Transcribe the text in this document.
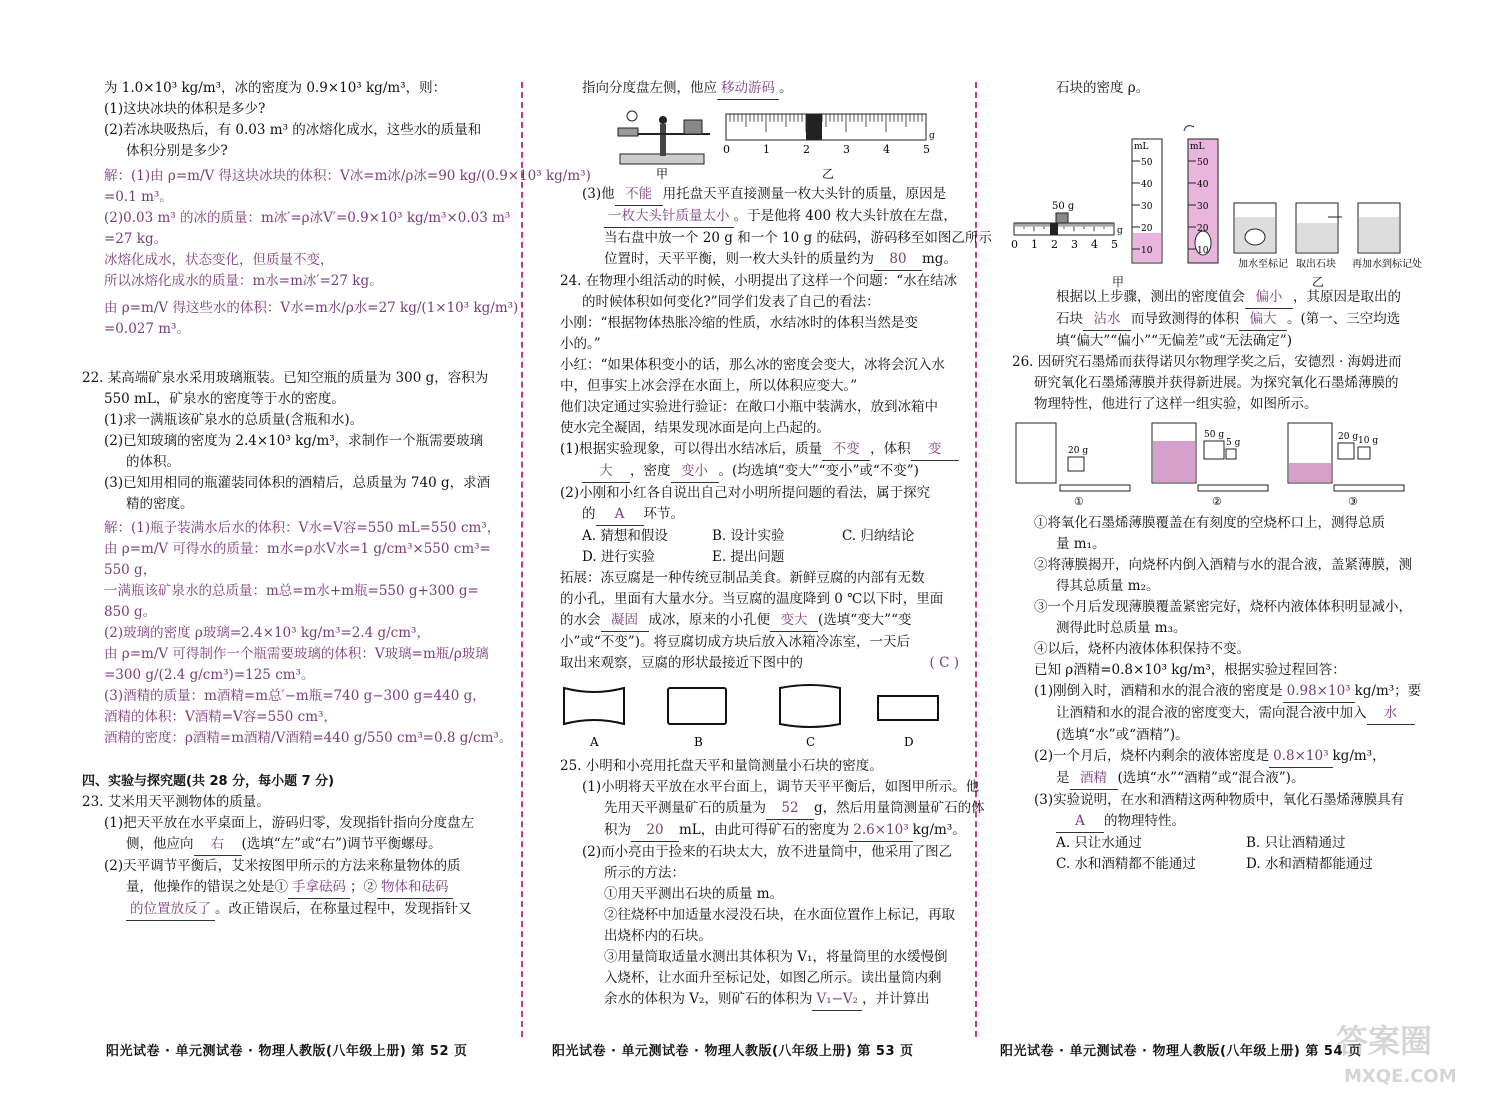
为 1.0×10³ kg/m³，冰的密度为 0.9×10³ kg/m³，则：

(1)这块冰块的体积是多少?

(2)若冰块吸热后，有 0.03 m³ 的冰熔化成水，这些水的质量和

体积分别是多少?

解：(1)由 ρ=m/V 得这块冰块的体积：V冰=m冰/ρ冰=90 kg/(0.9×10³ kg/m³)

=0.1 m³。

(2)0.03 m³ 的冰的质量：m冰′=ρ冰V′=0.9×10³ kg/m³×0.03 m³

=27 kg。

冰熔化成水，状态变化，但质量不变，

所以冰熔化成水的质量：m水=m冰′=27 kg。

由 ρ=m/V 得这些水的体积：V水=m水/ρ水=27 kg/(1×10³ kg/m³)

=0.027 m³。

22. 某高端矿泉水采用玻璃瓶装。已知空瓶的质量为 300 g，容积为

550 mL，矿泉水的密度等于水的密度。

(1)求一满瓶该矿泉水的总质量(含瓶和水)。

(2)已知玻璃的密度为 2.4×10³ kg/m³，求制作一个瓶需要玻璃

的体积。

(3)已知用相同的瓶灌装同体积的酒精后，总质量为 740 g，求酒

精的密度。

解：(1)瓶子装满水后水的体积：V水=V容=550 mL=550 cm³，

由 ρ=m/V 可得水的质量：m水=ρ水V水=1 g/cm³×550 cm³=

550 g，

一满瓶该矿泉水的总质量：m总=m水+m瓶=550 g+300 g=

850 g。

(2)玻璃的密度 ρ玻璃=2.4×10³ kg/m³=2.4 g/cm³，

由 ρ=m/V 可得制作一个瓶需要玻璃的体积：V玻璃=m瓶/ρ玻璃

=300 g/(2.4 g/cm³)=125 cm³。

(3)酒精的质量：m酒精=m总′−m瓶=740 g−300 g=440 g，

酒精的体积：V酒精=V容=550 cm³，

酒精的密度：ρ酒精=m酒精/V酒精=440 g/550 cm³=0.8 g/cm³。

四、实验与探究题(共 28 分，每小题 7 分)

23. 艾米用天平测物体的质量。

(1)把天平放在水平桌面上，游码归零，发现指针指向分度盘左

侧，他应向 右 (选填“左”或“右”)调节平衡螺母。

(2)天平调节平衡后，艾米按图甲所示的方法来称量物体的质

量，他操作的错误之处是① 手拿砝码 ；② 物体和砝码

的位置放反了 。改正错误后，在称量过程中，发现指针又

指向分度盘左侧，他应 移动游码 。

甲
0	1	2	3	4	5
g
乙

(3)他 不能 用托盘天平直接测量一枚大头针的质量，原因是

一枚大头针质量太小 。于是他将 400 枚大头针放在左盘，

当右盘中放一个 20 g 和一个 10 g 的砝码，游码移至如图乙所示

位置时，天平平衡，则一枚大头针的质量约为 80 mg。

24. 在物理小组活动的时候，小明提出了这样一个问题：“水在结冰

的时候体积如何变化?”同学们发表了自己的看法：

小刚：“根据物体热胀冷缩的性质，水结冰时的体积当然是变

小的。”

小红：“如果体积变小的话，那么冰的密度会变大，冰将会沉入水

中，但事实上冰会浮在水面上，所以体积应变大。”

他们决定通过实验进行验证：在敞口小瓶中装满水，放到冰箱中

使水完全凝固，结果发现冰面是向上凸起的。

(1)根据实验现象，可以得出水结冰后，质量 不变 ，体积 变

大 ，密度 变小 。(均选填“变大”“变小”或“不变”)

(2)小刚和小红各自说出自己对小明所提问题的看法，属于探究

的 A 环节。

A. 猜想和假设	B. 设计实验	C. 归纳结论

D. 进行实验	E. 提出问题

拓展：冻豆腐是一种传统豆制品美食。新鲜豆腐的内部有无数

的小孔，里面有大量水分。当豆腐的温度降到 0 ℃以下时，里面

的水会 凝固 成冰，原来的小孔便 变大 (选填“变大”“变

小”或“不变”)。将豆腐切成方块后放入冰箱冷冻室，一天后

取出来观察，豆腐的形状最接近下图中的	( C )

A	B	C	D

25. 小明和小亮用托盘天平和量筒测量小石块的密度。

(1)小明将天平放在水平台面上，调节天平平衡后，如图甲所示。他

先用天平测量矿石的质量为 52 g，然后用量筒测量矿石的体

积为 20 mL，由此可得矿石的密度为 2.6×10³ kg/m³。

(2)而小亮由于捡来的石块太大，放不进量筒中，他采用了图乙

所示的方法：

①用天平测出石块的质量 m。

②往烧杯中加适量水浸没石块，在水面位置作上标记，再取

出烧杯内的石块。

③用量筒取适量水测出其体积为 V₁，将量筒里的水缓慢倒

入烧杯，让水面升至标记处，如图乙所示。读出量筒内剩

余水的体积为 V₂，则矿石的体积为 V₁−V₂ ，并计算出

石块的密度 ρ。

0 1 2 3 4 5
g
50 g
mL	mL
50
40
30
20
10
50
40
30
20
10
加水至标记 取出石块 再加水到标记处
甲	乙

根据以上步骤，测出的密度值会 偏小 ，其原因是取出的

石块 沾水 而导致测得的体积 偏大 。(第一、三空均选

填“偏大”“偏小”“无偏差”或“无法确定”)

26. 因研究石墨烯而获得诺贝尔物理学奖之后，安德烈 · 海姆进而

研究氧化石墨烯薄膜并获得新进展。为探究氧化石墨烯薄膜的

物理特性，他进行了这样一组实验，如图所示。

20 g
50 g
5 g
20 g 10 g
①	②	③

①将氧化石墨烯薄膜覆盖在有刻度的空烧杯口上，测得总质

量 m₁。

②将薄膜揭开，向烧杯内倒入酒精与水的混合液，盖紧薄膜，测

得其总质量 m₂。

③一个月后发现薄膜覆盖紧密完好，烧杯内液体体积明显减小，

测得此时总质量 m₃。

④以后，烧杯内液体体积保持不变。

已知 ρ酒精=0.8×10³ kg/m³，根据实验过程回答：

(1)刚倒入时，酒精和水的混合液的密度是 0.98×10³ kg/m³；要

让酒精和水的混合液的密度变大，需向混合液中加入 水

(选填“水”或“酒精”)。

(2)一个月后，烧杯内剩余的液体密度是 0.8×10³ kg/m³，

是 酒精 (选填“水”“酒精”或“混合液”)。

(3)实验说明，在水和酒精这两种物质中，氧化石墨烯薄膜具有

A 的物理特性。

A. 只让水通过	B. 只让酒精通过

C. 水和酒精都不能通过	D. 水和酒精都能通过

阳光试卷 · 单元测试卷 · 物理人教版(八年级上册) 第 52 页	阳光试卷 · 单元测试卷 · 物理人教版(八年级上册) 第 53 页	阳光试卷 · 单元测试卷 · 物理人教版(八年级上册) 第 54 页
答案圈
MXQE.COM
